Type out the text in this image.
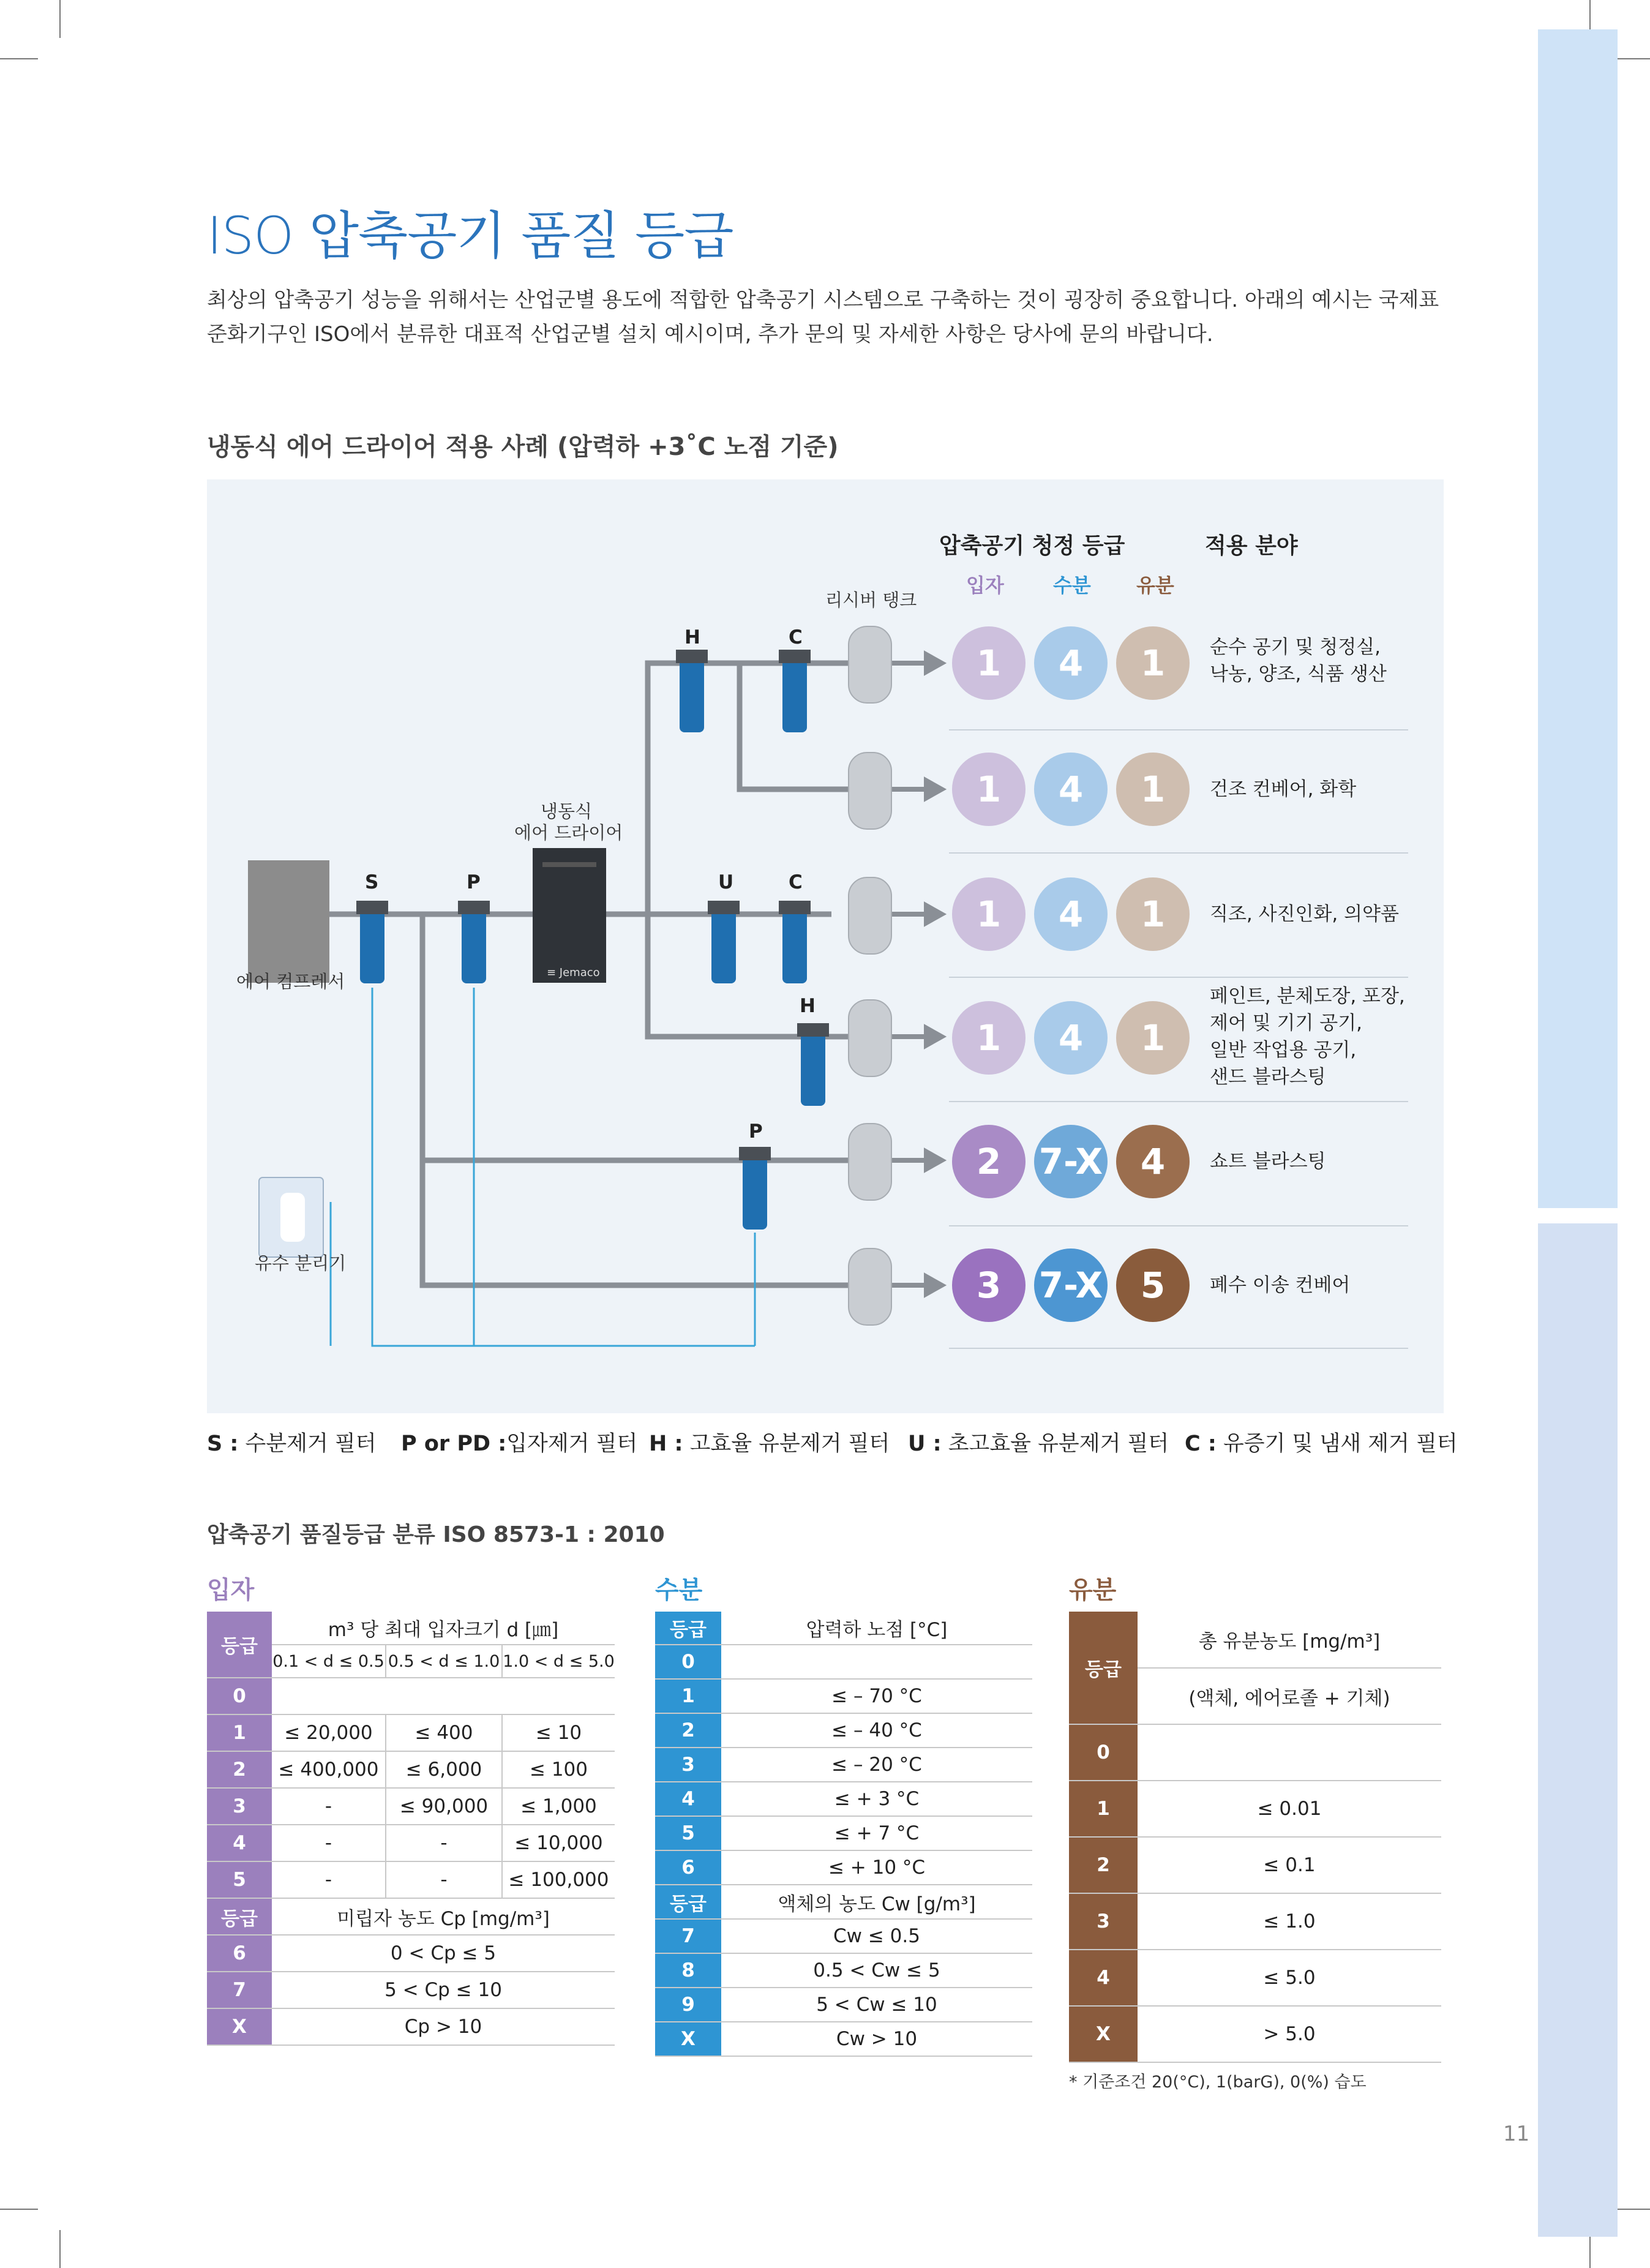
ISO 압축공기 품질 등급
최상의 압축공기 성능을 위해서는 산업군별 용도에 적합한 압축공기 시스템으로 구축하는 것이 굉장히 중요합니다. 아래의 예시는 국제표준화기구인 ISO에서 분류한 대표적 산업군별 설치 예시이며, 추가 문의 및 자세한 사항은 당사에 문의 바랍니다.
냉동식 에어 드라이어 적용 사례 (압력하 +3˚C 노점 기준)
압축공기 청정 등급	적용 분야
입자	수분 유분
리시버 탱크
에어 컴프레서
냉동식
에어 드라이어
≡ Jemaco
유수 분리기
S	P	U	C
H	C
H
P
1	4	1	순수 공기 및 청정실,
낙농, 양조, 식품 생산
1	4	1	건조 컨베어, 화학
1	4	1	직조, 사진인화, 의약품
1	4	1
페인트, 분체도장, 포장,
제어 및 기기 공기,
일반 작업용 공기,
샌드 블라스팅
2	7-X	4	쇼트 블라스팅
3	7-X	5	폐수 이송 컨베어
S : 수분제거 필터 P or PD :입자제거 필터 H : 고효율 유분제거 필터 U : 초고효율 유분제거 필터 C : 유증기 및 냄새 제거 필터
압축공기 품질등급 분류 ISO 8573-1 : 2010
입자
등급	m³ 당 최대 입자크기 d [㎛]		
	0.1 < d ≤ 0.5	0.5 < d ≤ 1.0	1.0 < d ≤ 5.0
0			
1	≤ 20,000	≤ 400	≤ 10
2	≤ 400,000	≤ 6,000	≤ 100
3	-	≤ 90,000	≤ 1,000
4	-	-	≤ 10,000
5	-	-	≤ 100,000
등급	미립자 농도 Cp [mg/m³]		
6	0 < Cp ≤ 5		
7	5 < Cp ≤ 10		
X	Cp > 10		
수분
등급	압력하 노점 [°C]
0	
1	≤ – 70 °C
2	≤ – 40 °C
3	≤ – 20 °C
4	≤ + 3 °C
5	≤ + 7 °C
6	≤ + 10 °C
등급	액체의 농도 Cw [g/m³]
7	Cw ≤ 0.5
8	0.5 < Cw ≤ 5
9	5 < Cw ≤ 10
X	Cw > 10
유분
등급	총 유분농도 [mg/m³]
	(액체, 에어로졸 + 기체)
0	
1	≤ 0.01
2	≤ 0.1
3	≤ 1.0
4	≤ 5.0
X	> 5.0
* 기준조건 20(°C), 1(barG), 0(%) 습도
11
